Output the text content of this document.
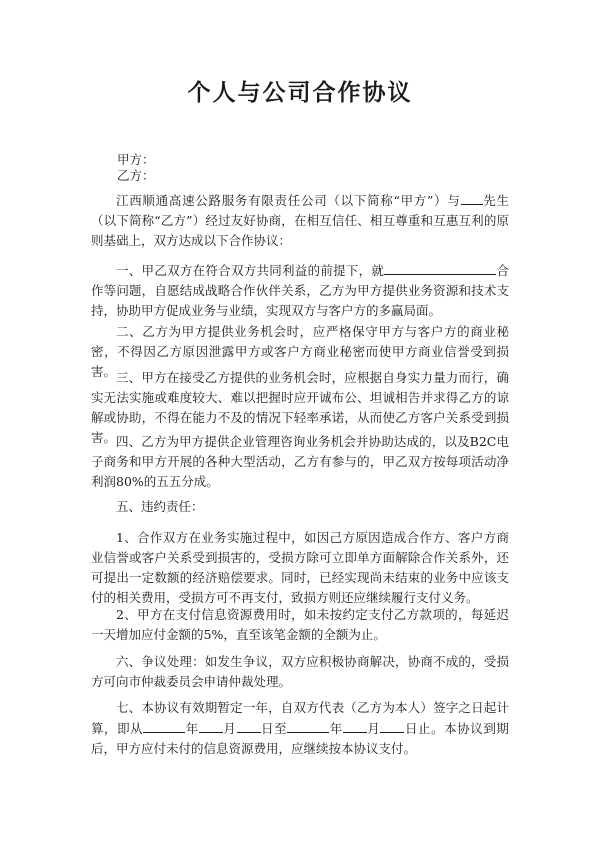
个人与公司合作协议
甲方：
乙方：
江西顺通高速公路服务有限责任公司（以下简称“甲方”）与 先生（以下简称“乙方”）经过友好协商，在相互信任、相互尊重和互惠互利的原则基础上，双方达成以下合作协议：
一、甲乙双方在符合双方共同利益的前提下，就	合作等问题，自愿结成战略合作伙伴关系，乙方为甲方提供业务资源和技术支持，协助甲方促成业务与业绩，实现双方与客户方的多赢局面。
二、乙方为甲方提供业务机会时，应严格保守甲方与客户方的商业秘密，不得因乙方原因泄露甲方或客户方商业秘密而使甲方商业信誉受到损害。 三、甲方在接受乙方提供的业务机会时，应根据自身实力量力而行，确实无法实施或难度较大、难以把握时应开诚布公、坦诚相告并求得乙方的谅解或协助，不得在能力不及的情况下轻率承诺，从而使乙方客户关系受到损害。 四、乙方为甲方提供企业管理咨询业务机会并协助达成的，以及B2C电子商务和甲方开展的各种大型活动，乙方有参与的，甲乙双方按每项活动净利润80%的五五分成。
五、违约责任：
1、合作双方在业务实施过程中，如因己方原因造成合作方、客户方商业信誉或客户关系受到损害的，受损方除可立即单方面解除合作关系外，还可提出一定数额的经济赔偿要求。同时，已经实现尚未结束的业务中应该支付的相关费用，受损方可不再支付，致损方则还应继续履行支付义务。
2、甲方在支付信息资源费用时，如未按约定支付乙方款项的，每延迟一天增加应付金额的5%，直至该笔金额的全额为止。
六、争议处理：如发生争议，双方应积极协商解决，协商不成的，受损方可向市仲裁委员会申请仲裁处理。
七、本协议有效期暂定一年，自双方代表（乙方为本人）签字之日起计算，即从	年 月 日至	年 月 日止。本协议到期后，甲方应付未付的信息资源费用，应继续按本协议支付。
